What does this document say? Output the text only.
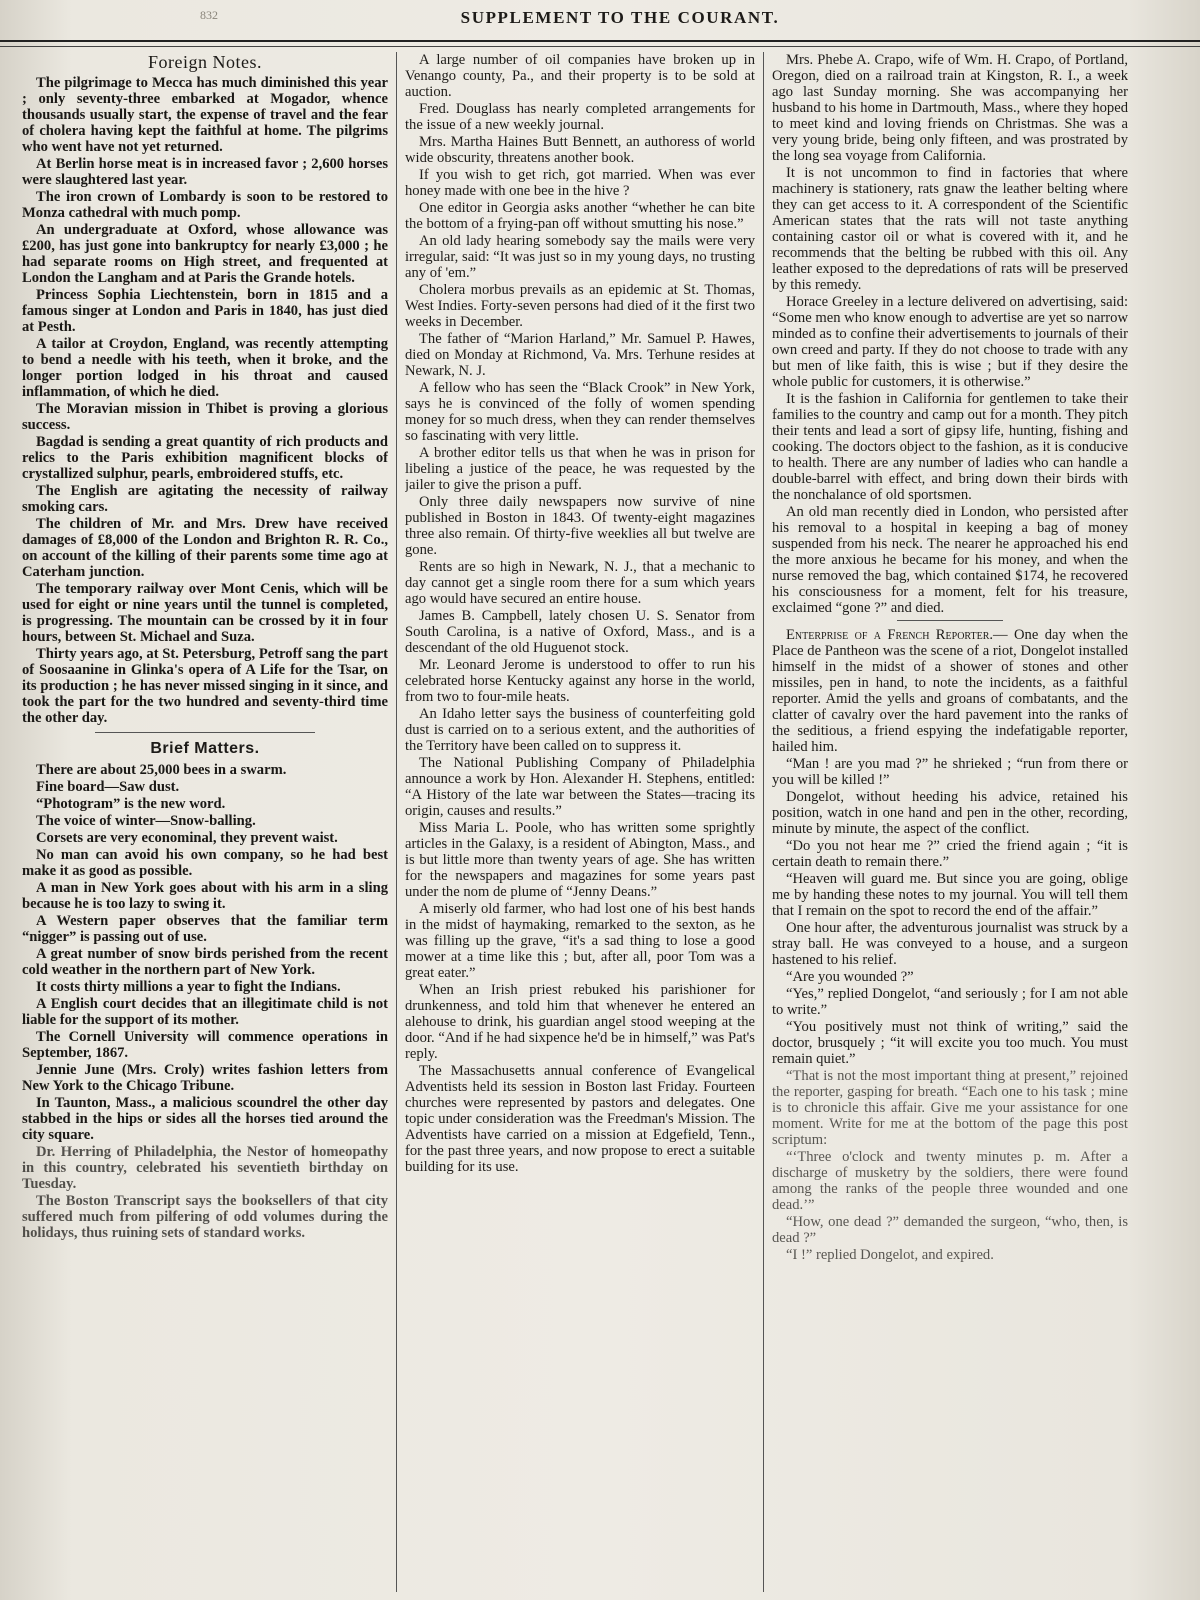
832	SUPPLEMENT TO THE COURANT.
Foreign Notes.

The pilgrimage to Mecca has much diminished this year ; only seventy-three embarked at Mogador, whence thousands usually start, the expense of travel and the fear of cholera having kept the faithful at home. The pilgrims who went have not yet returned.

At Berlin horse meat is in increased favor ; 2,600 horses were slaughtered last year.

The iron crown of Lombardy is soon to be restored to Monza cathedral with much pomp.

An undergraduate at Oxford, whose allowance was £200, has just gone into bankruptcy for nearly £3,000 ; he had separate rooms on High street, and frequented at London the Langham and at Paris the Grande hotels.

Princess Sophia Liechtenstein, born in 1815 and a famous singer at London and Paris in 1840, has just died at Pesth.

A tailor at Croydon, England, was recently attempting to bend a needle with his teeth, when it broke, and the longer portion lodged in his throat and caused inflammation, of which he died.

The Moravian mission in Thibet is proving a glorious success.

Bagdad is sending a great quantity of rich products and relics to the Paris exhibition magnificent blocks of crystallized sulphur, pearls, embroidered stuffs, etc.

The English are agitating the necessity of railway smoking cars.

The children of Mr. and Mrs. Drew have received damages of £8,000 of the London and Brighton R. R. Co., on account of the killing of their parents some time ago at Caterham junction.

The temporary railway over Mont Cenis, which will be used for eight or nine years until the tunnel is completed, is progressing. The mountain can be crossed by it in four hours, between St. Michael and Suza.

Thirty years ago, at St. Petersburg, Petroff sang the part of Soosaanine in Glinka's opera of A Life for the Tsar, on its production ; he has never missed singing in it since, and took the part for the two hundred and seventy-third time the other day.

Brief Matters.

There are about 25,000 bees in a swarm.

Fine board—Saw dust.

“Photogram” is the new word.

The voice of winter—Snow-balling.

Corsets are very econominal, they prevent waist.

No man can avoid his own company, so he had best make it as good as possible.

A man in New York goes about with his arm in a sling because he is too lazy to swing it.

A Western paper observes that the familiar term “nigger” is passing out of use.

A great number of snow birds perished from the recent cold weather in the northern part of New York.

It costs thirty millions a year to fight the Indians.

A English court decides that an illegitimate child is not liable for the support of its mother.

The Cornell University will commence operations in September, 1867.

Jennie June (Mrs. Croly) writes fashion letters from New York to the Chicago Tribune.

In Taunton, Mass., a malicious scoundrel the other day stabbed in the hips or sides all the horses tied around the city square.

Dr. Herring of Philadelphia, the Nestor of homeopathy in this country, celebrated his seventieth birthday on Tuesday.

The Boston Transcript says the booksellers of that city suffered much from pilfering of odd volumes during the holidays, thus ruining sets of standard works.

A large number of oil companies have broken up in Venango county, Pa., and their property is to be sold at auction.

Fred. Douglass has nearly completed arrangements for the issue of a new weekly journal.

Mrs. Martha Haines Butt Bennett, an authoress of world wide obscurity, threatens another book.

If you wish to get rich, got married. When was ever honey made with one bee in the hive ?

One editor in Georgia asks another “whether he can bite the bottom of a frying-pan off without smutting his nose.”

An old lady hearing somebody say the mails were very irregular, said: “It was just so in my young days, no trusting any of 'em.”

Cholera morbus prevails as an epidemic at St. Thomas, West Indies. Forty-seven persons had died of it the first two weeks in December.

The father of “Marion Harland,” Mr. Samuel P. Hawes, died on Monday at Richmond, Va. Mrs. Terhune resides at Newark, N. J.

A fellow who has seen the “Black Crook” in New York, says he is convinced of the folly of women spending money for so much dress, when they can render themselves so fascinating with very little.

A brother editor tells us that when he was in prison for libeling a justice of the peace, he was requested by the jailer to give the prison a puff.

Only three daily newspapers now survive of nine published in Boston in 1843. Of twenty-eight magazines three also remain. Of thirty-five weeklies all but twelve are gone.

Rents are so high in Newark, N. J., that a mechanic to day cannot get a single room there for a sum which years ago would have secured an entire house.

James B. Campbell, lately chosen U. S. Senator from South Carolina, is a native of Oxford, Mass., and is a descendant of the old Huguenot stock.

Mr. Leonard Jerome is understood to offer to run his celebrated horse Kentucky against any horse in the world, from two to four-mile heats.

An Idaho letter says the business of counterfeiting gold dust is carried on to a serious extent, and the authorities of the Territory have been called on to suppress it.

The National Publishing Company of Philadelphia announce a work by Hon. Alexander H. Stephens, entitled: “A History of the late war between the States—tracing its origin, causes and results.”

Miss Maria L. Poole, who has written some sprightly articles in the Galaxy, is a resident of Abington, Mass., and is but little more than twenty years of age. She has written for the newspapers and magazines for some years past under the nom de plume of “Jenny Deans.”

A miserly old farmer, who had lost one of his best hands in the midst of haymaking, remarked to the sexton, as he was filling up the grave, “it's a sad thing to lose a good mower at a time like this ; but, after all, poor Tom was a great eater.”

When an Irish priest rebuked his parishioner for drunkenness, and told him that whenever he entered an alehouse to drink, his guardian angel stood weeping at the door. “And if he had sixpence he'd be in himself,” was Pat's reply.

The Massachusetts annual conference of Evangelical Adventists held its session in Boston last Friday. Fourteen churches were represented by pastors and delegates. One topic under consideration was the Freedman's Mission. The Adventists have carried on a mission at Edgefield, Tenn., for the past three years, and now propose to erect a suitable building for its use.

Mrs. Phebe A. Crapo, wife of Wm. H. Crapo, of Portland, Oregon, died on a railroad train at Kingston, R. I., a week ago last Sunday morning. She was accompanying her husband to his home in Dartmouth, Mass., where they hoped to meet kind and loving friends on Christmas. She was a very young bride, being only fifteen, and was prostrated by the long sea voyage from California.

It is not uncommon to find in factories that where machinery is stationery, rats gnaw the leather belting where they can get access to it. A correspondent of the Scientific American states that the rats will not taste anything containing castor oil or what is covered with it, and he recommends that the belting be rubbed with this oil. Any leather exposed to the depredations of rats will be preserved by this remedy.

Horace Greeley in a lecture delivered on advertising, said: “Some men who know enough to advertise are yet so narrow minded as to confine their advertisements to journals of their own creed and party. If they do not choose to trade with any but men of like faith, this is wise ; but if they desire the whole public for customers, it is otherwise.”

It is the fashion in California for gentlemen to take their families to the country and camp out for a month. They pitch their tents and lead a sort of gipsy life, hunting, fishing and cooking. The doctors object to the fashion, as it is conducive to health. There are any number of ladies who can handle a double-barrel with effect, and bring down their birds with the nonchalance of old sportsmen.

An old man recently died in London, who persisted after his removal to a hospital in keeping a bag of money suspended from his neck. The nearer he approached his end the more anxious he became for his money, and when the nurse removed the bag, which contained $174, he recovered his consciousness for a moment, felt for his treasure, exclaimed “gone ?” and died.

Enterprise of a French Reporter.— One day when the Place de Pantheon was the scene of a riot, Dongelot installed himself in the midst of a shower of stones and other missiles, pen in hand, to note the incidents, as a faithful reporter. Amid the yells and groans of combatants, and the clatter of cavalry over the hard pavement into the ranks of the seditious, a friend espying the indefatigable reporter, hailed him.

“Man ! are you mad ?” he shrieked ; “run from there or you will be killed !”

Dongelot, without heeding his advice, retained his position, watch in one hand and pen in the other, recording, minute by minute, the aspect of the conflict.

“Do you not hear me ?” cried the friend again ; “it is certain death to remain there.”

“Heaven will guard me. But since you are going, oblige me by handing these notes to my journal. You will tell them that I remain on the spot to record the end of the affair.”

One hour after, the adventurous journalist was struck by a stray ball. He was conveyed to a house, and a surgeon hastened to his relief.

“Are you wounded ?”

“Yes,” replied Dongelot, “and seriously ; for I am not able to write.”

“You positively must not think of writing,” said the doctor, brusquely ; “it will excite you too much. You must remain quiet.”

“That is not the most important thing at present,” rejoined the reporter, gasping for breath. “Each one to his task ; mine is to chronicle this affair. Give me your assistance for one moment. Write for me at the bottom of the page this post scriptum:

“‘Three o'clock and twenty minutes p. m. After a discharge of musketry by the soldiers, there were found among the ranks of the people three wounded and one dead.’”

“How, one dead ?” demanded the surgeon, “who, then, is dead ?”

“I !” replied Dongelot, and expired.
